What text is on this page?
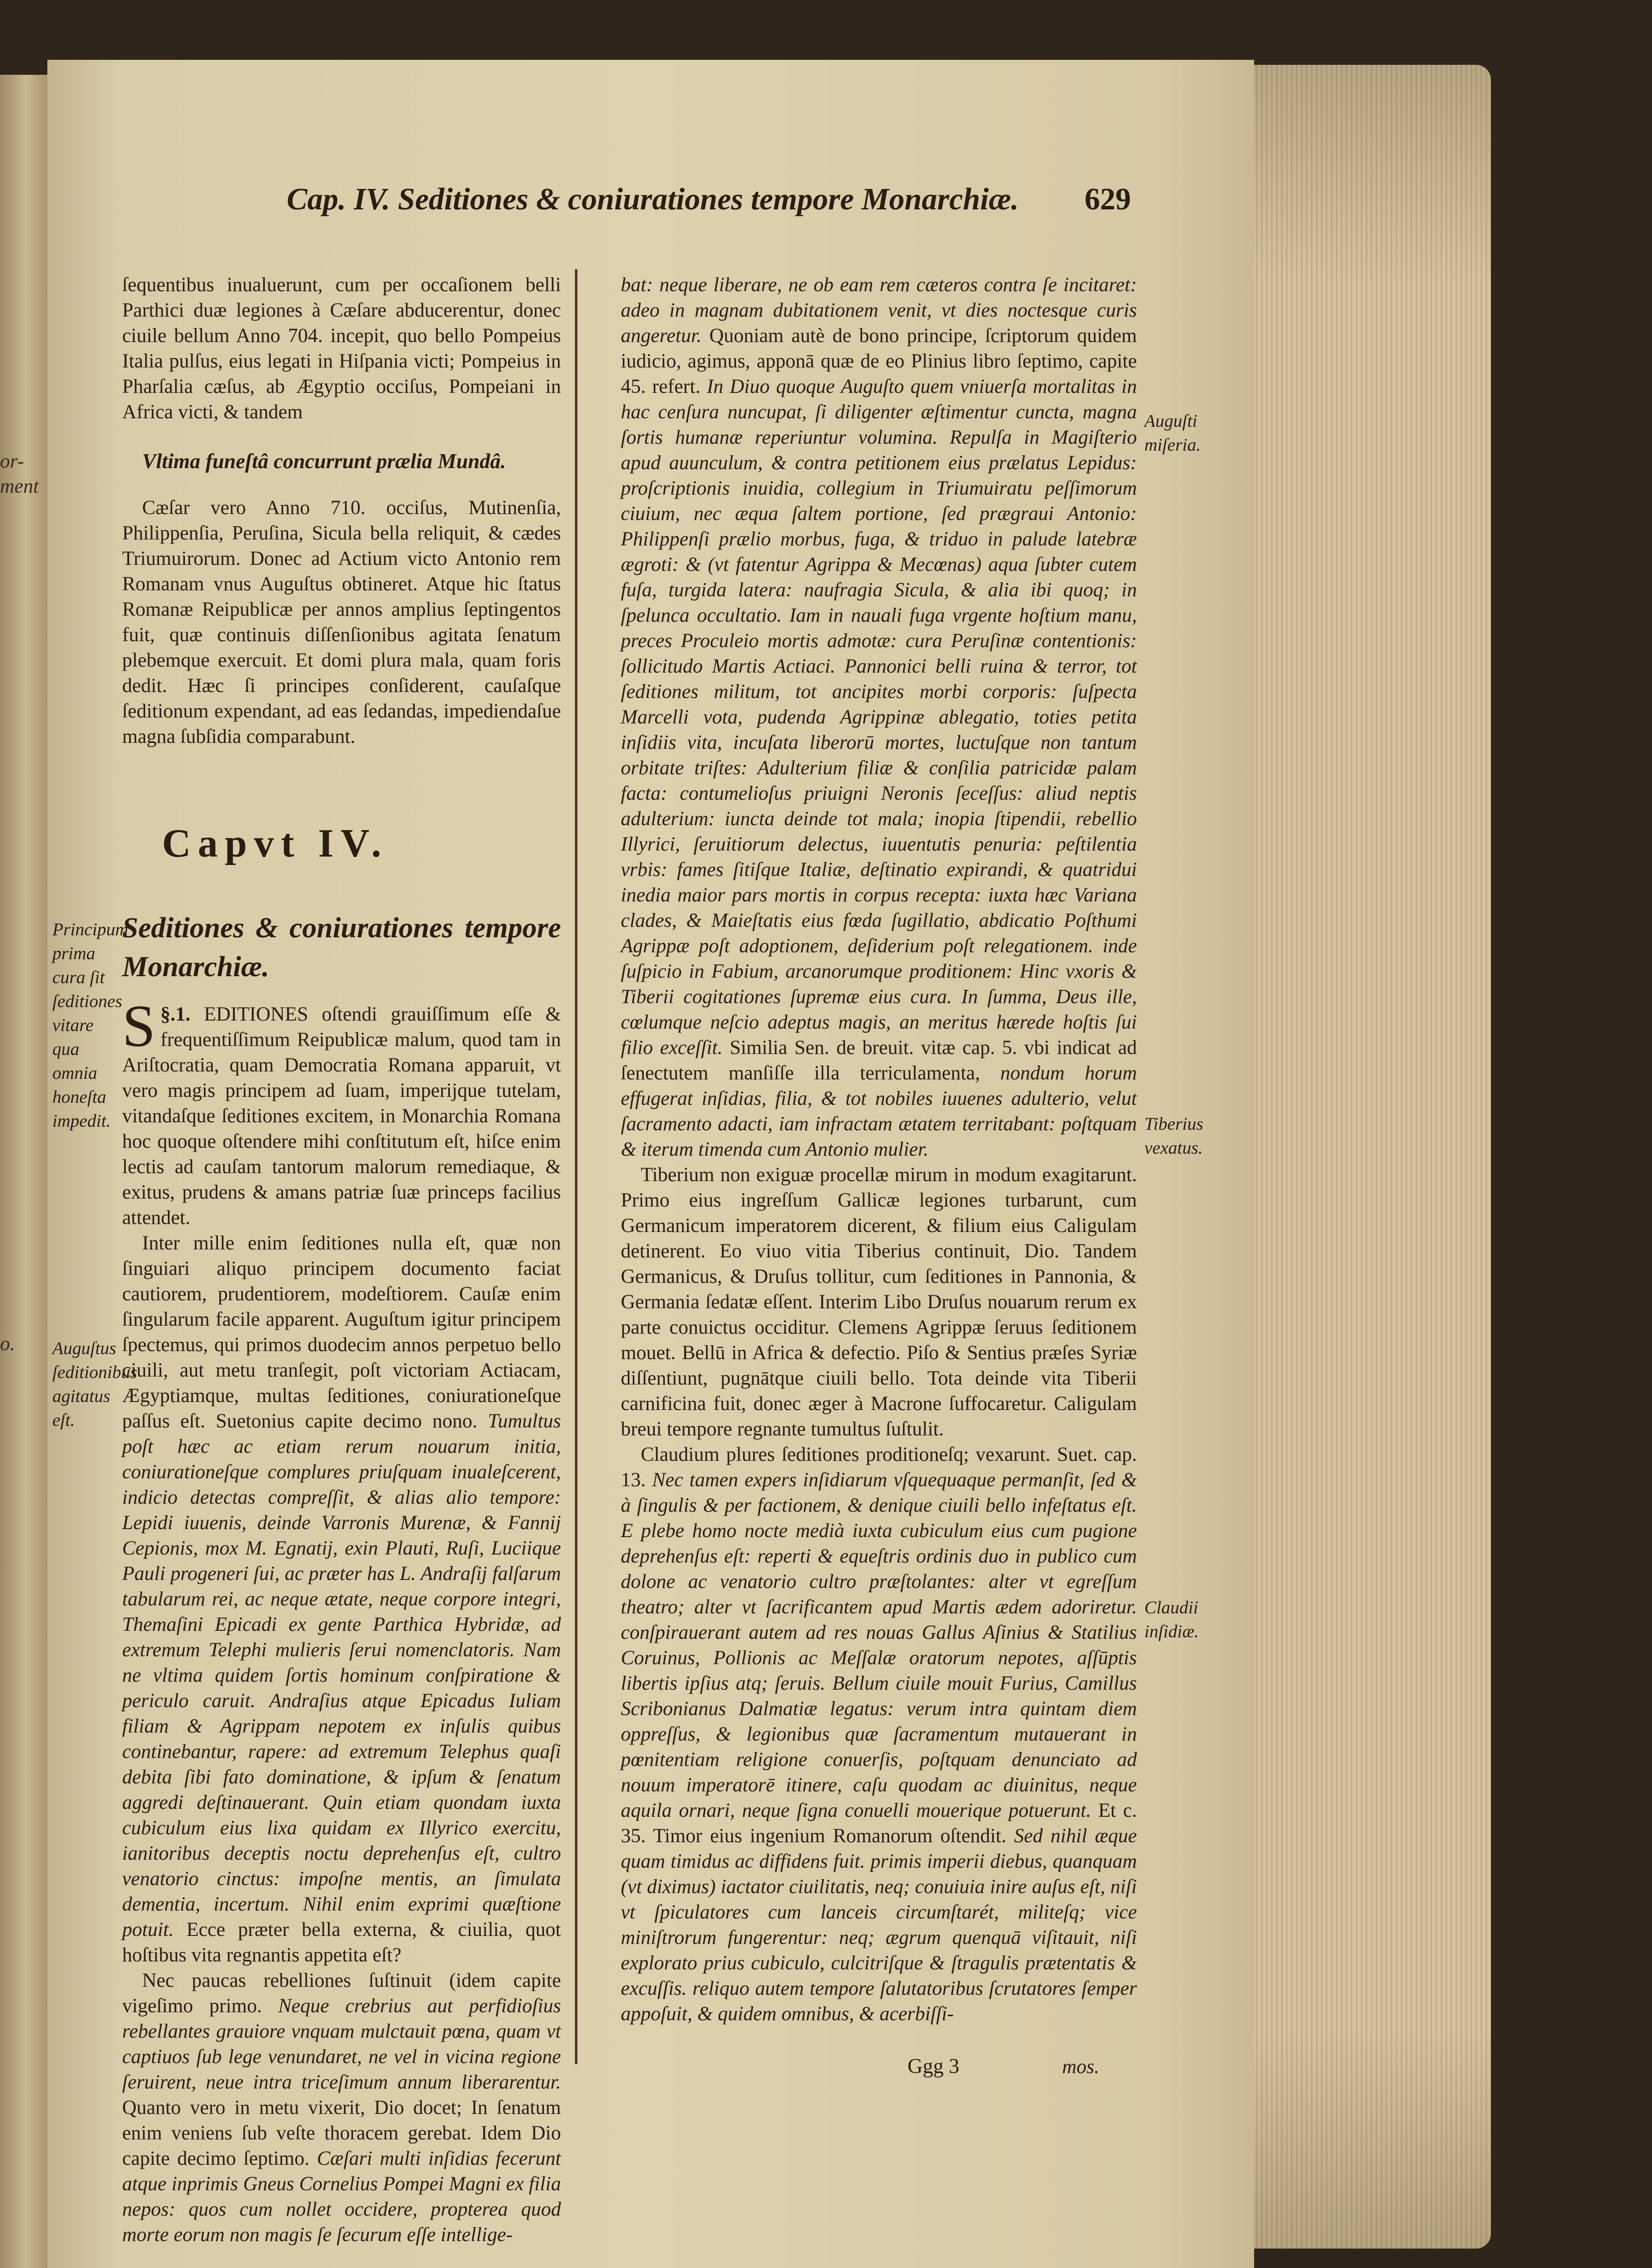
or-
ment
o.
Cap. IV. Seditiones & coniurationes tempore Monarchiæ. 629
Principum prima cura ſit ſeditiones vitare qua omnia honeſta impedit.
Auguſtus ſeditionibus agitatus eſt.

ſequentibus inualuerunt, cum per occaſionem belli Parthici duæ legiones à Cæſare abducerentur, donec ciuile bellum Anno 704. incepit, quo bello Pompeius Italia pulſus, eius legati in Hiſpania victi; Pompeius in Pharſalia cæſus, ab Ægyptio occiſus, Pompeiani in Africa victi, & tandem

Vltima funeſtâ concurrunt prælia Mundâ.

Cæſar vero Anno 710. occiſus, Mutinenſia, Philippenſia, Peruſina, Sicula bella reliquit, & cædes Triumuirorum. Donec ad Actium victo Antonio rem Romanam vnus Auguſtus obtineret. Atque hic ſtatus Romanæ Reipublicæ per annos amplius ſeptingentos fuit, quæ continuis diſſenſionibus agitata ſenatum plebemque exercuit. Et domi plura mala, quam foris dedit. Hæc ſi principes conſiderent, cauſaſque ſeditionum expendant, ad eas ſedandas, impediendaſue magna ſubſidia comparabunt.

Capvt IV.
Seditiones & coniurationes tempore Monarchiæ.

§.1.
S EDITIONES oſtendi grauiſſimum eſſe & frequentiſſimum Reipublicæ malum, quod tam in Ariſtocratia, quam Democratia Romana apparuit, vt vero magis principem ad ſuam, imperijque tutelam, vitandaſque ſeditiones excitem, in Monarchia Romana hoc quoque oſtendere mihi conſtitutum eſt, hiſce enim lectis ad cauſam tantorum malorum remediaque, & exitus, prudens & amans patriæ ſuæ princeps facilius attendet.

Inter mille enim ſeditiones nulla eſt, quæ non ſinguiari aliquo principem documento faciat cautiorem, prudentiorem, modeſtiorem. Cauſæ enim ſingularum facile apparent. Auguſtum igitur principem ſpectemus, qui primos duodecim annos perpetuo bello ciuili, aut metu tranſegit, poſt victoriam Actiacam, Ægyptiamque, multas ſeditiones, coniurationeſque paſſus eſt. Suetonius capite decimo nono. Tumultus poſt hæc ac etiam rerum nouarum initia, coniurationeſque complures priuſquam inualeſcerent, indicio detectas compreſſit, & alias alio tempore: Lepidi iuuenis, deinde Varronis Murenæ, & Fannij Cepionis, mox M. Egnatij, exin Plauti, Ruſi, Luciique Pauli progeneri ſui, ac præter has L. Andraſij falſarum tabularum rei, ac neque ætate, neque corpore integri, Themaſini Epicadi ex gente Parthica Hybridæ, ad extremum Telephi mulieris ſerui nomenclatoris. Nam ne vltima quidem ſortis hominum conſpiratione & periculo caruit. Andraſius atque Epicadus Iuliam filiam & Agrippam nepotem ex inſulis quibus continebantur, rapere: ad extremum Telephus quaſi debita ſibi fato dominatione, & ipſum & ſenatum aggredi deſtinauerant. Quin etiam quondam iuxta cubiculum eius lixa quidam ex Illyrico exercitu, ianitoribus deceptis noctu deprehenſus eſt, cultro venatorio cinctus: impoſne mentis, an ſimulata dementia, incertum. Nihil enim exprimi quæſtione potuit. Ecce præter bella externa, & ciuilia, quot hoſtibus vita regnantis appetita eſt?

Nec paucas rebelliones ſuſtinuit (idem capite vigeſimo primo. Neque crebrius aut perfidioſius rebellantes grauiore vnquam mulctauit pœna, quam vt captiuos ſub lege venundaret, ne vel in vicina regione ſeruirent, neue intra triceſimum annum liberarentur. Quanto vero in metu vixerit, Dio docet; In ſenatum enim veniens ſub veſte thoracem gerebat. Idem Dio capite decimo ſeptimo. Cæſari multi inſidias fecerunt atque inprimis Gneus Cornelius Pompei Magni ex filia nepos: quos cum nollet occidere, propterea quod morte eorum non magis ſe ſecurum eſſe intellige-

bat: neque liberare, ne ob eam rem cæteros contra ſe incitaret: adeo in magnam dubitationem venit, vt dies noctesque curis angeretur. Quoniam autè de bono principe, ſcriptorum quidem iudicio, agimus, apponā quæ de eo Plinius libro ſeptimo, capite 45. refert. In Diuo quoque Auguſto quem vniuerſa mortalitas in hac cenſura nuncupat, ſi diligenter æſtimentur cuncta, magna ſortis humanæ reperiuntur volumina. Repulſa in Magiſterio apud auunculum, & contra petitionem eius prælatus Lepidus: proſcriptionis inuidia, collegium in Triumuiratu peſſimorum ciuium, nec æqua ſaltem portione, ſed prægraui Antonio: Philippenſi prælio morbus, fuga, & triduo in palude latebræ ægroti: & (vt fatentur Agrippa & Mecœnas) aqua ſubter cutem fuſa, turgida latera: naufragia Sicula, & alia ibi quoq; in ſpelunca occultatio. Iam in nauali fuga vrgente hoſtium manu, preces Proculeio mortis admotæ: cura Peruſinæ contentionis: ſollicitudo Martis Actiaci. Pannonici belli ruina & terror, tot ſeditiones militum, tot ancipites morbi corporis: ſuſpecta Marcelli vota, pudenda Agrippinæ ablegatio, toties petita inſidiis vita, incuſata liberorū mortes, luctuſque non tantum orbitate triſtes: Adulterium filiæ & conſilia patricidæ palam facta: contumelioſus priuigni Neronis ſeceſſus: aliud neptis adulterium: iuncta deinde tot mala; inopia ſtipendii, rebellio Illyrici, ſeruitiorum delectus, iuuentutis penuria: peſtilentia vrbis: fames ſitiſque Italiæ, deſtinatio expirandi, & quatridui inedia maior pars mortis in corpus recepta: iuxta hæc Variana clades, & Maieſtatis eius fœda ſugillatio, abdicatio Poſthumi Agrippæ poſt adoptionem, deſiderium poſt relegationem. inde ſuſpicio in Fabium, arcanorumque proditionem: Hinc vxoris & Tiberii cogitationes ſupremæ eius cura. In ſumma, Deus ille, cœlumque neſcio adeptus magis, an meritus hærede hoſtis ſui filio exceſſit. Similia Sen. de breuit. vitæ cap. 5. vbi indicat ad ſenectutem manſiſſe illa terriculamenta, nondum horum effugerat inſidias, filia, & tot nobiles iuuenes adulterio, velut ſacramento adacti, iam infractam ætatem territabant: poſtquam & iterum timenda cum Antonio mulier.

Tiberium non exiguæ procellæ mirum in modum exagitarunt. Primo eius ingreſſum Gallicæ legiones turbarunt, cum Germanicum imperatorem dicerent, & filium eius Caligulam detinerent. Eo viuo vitia Tiberius continuit, Dio. Tandem Germanicus, & Druſus tollitur, cum ſeditiones in Pannonia, & Germania ſedatæ eſſent. Interim Libo Druſus nouarum rerum ex parte conuictus occiditur. Clemens Agrippæ ſeruus ſeditionem mouet. Bellū in Africa & defectio. Piſo & Sentius præſes Syriæ diſſentiunt, pugnātque ciuili bello. Tota deinde vita Tiberii carnificina fuit, donec æger à Macrone ſuffocaretur. Caligulam breui tempore regnante tumultus ſuſtulit.

Claudium plures ſeditiones proditioneſq; vexarunt. Suet. cap. 13. Nec tamen expers inſidiarum vſquequaque permanſit, ſed & à ſingulis & per factionem, & denique ciuili bello infeſtatus eſt. E plebe homo nocte medià iuxta cubiculum eius cum pugione deprehenſus eſt: reperti & equeſtris ordinis duo in publico cum dolone ac venatorio cultro præſtolantes: alter vt egreſſum theatro; alter vt ſacrificantem apud Martis ædem adoriretur. conſpirauerant autem ad res nouas Gallus Aſinius & Statilius Coruinus, Pollionis ac Meſſalæ oratorum nepotes, aſſūptis libertis ipſius atq; ſeruis. Bellum ciuile mouit Furius, Camillus Scribonianus Dalmatiæ legatus: verum intra quintam diem oppreſſus, & legionibus quæ ſacramentum mutauerant in pœnitentiam religione conuerſis, poſtquam denunciato ad nouum imperatorē itinere, caſu quodam ac diuinitus, neque aquila ornari, neque ſigna conuelli mouerique potuerunt. Et c. 35. Timor eius ingenium Romanorum oſtendit. Sed nihil æque quam timidus ac diffidens fuit. primis imperii diebus, quanquam (vt diximus) iactator ciuilitatis, neq; conuiuia inire auſus eſt, niſi vt ſpiculatores cum lanceis circumſtarét, militeſq; vice miniſtrorum fungerentur: neq; ægrum quenquā viſitauit, niſi explorato prius cubiculo, culcitriſque & ſtragulis prætentatis & excuſſis. reliquo autem tempore ſalutatoribus ſcrutatores ſemper appoſuit, & quidem omnibus, & acerbiſſi-

Auguſti miſeria.
Tiberius vexatus.
Claudii inſidiæ.
Ggg 3	mos.
